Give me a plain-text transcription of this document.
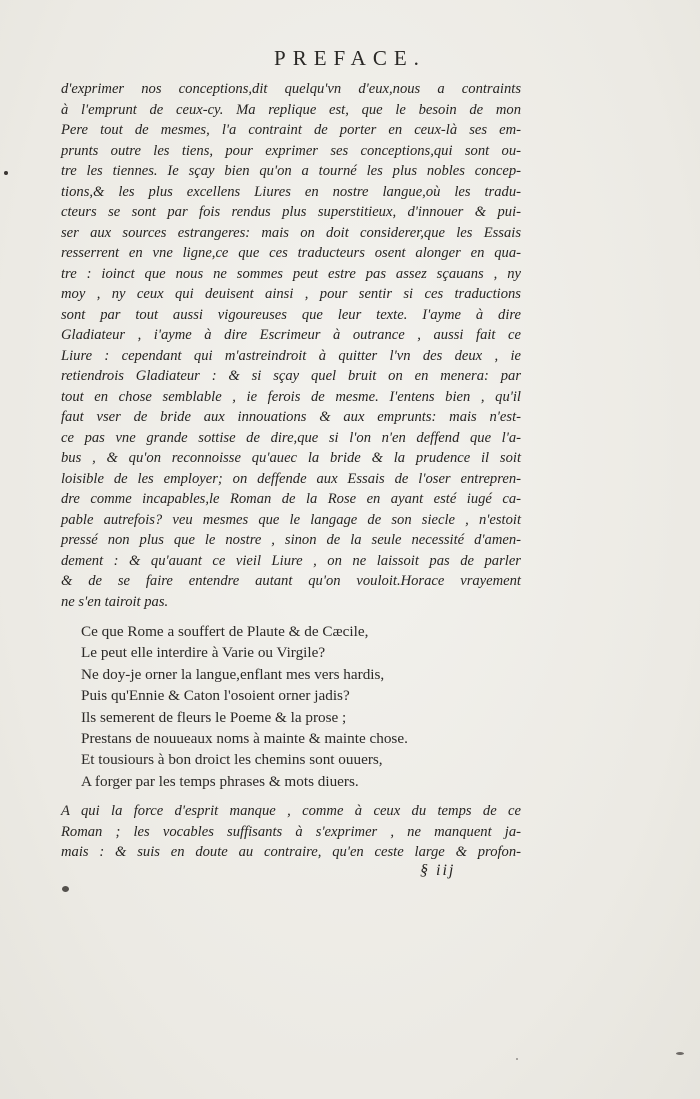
PREFACE.
d'exprimer nos conceptions,dit quelqu'vn d'eux,nous a contraints
à l'emprunt de ceux-cy. Ma replique est, que le besoin de mon
Pere tout de mesmes, l'a contraint de porter en ceux-là ses em-
prunts outre les tiens, pour exprimer ses conceptions,qui sont ou-
tre les tiennes. Ie sçay bien qu'on a tourné les plus nobles concep-
tions,& les plus excellens Liures en nostre langue,où les tradu-
cteurs se sont par fois rendus plus superstitieux, d'innouer & pui-
ser aux sources estrangeres: mais on doit considerer,que les Essais
resserrent en vne ligne,ce que ces traducteurs osent alonger en qua-
tre : ioinct que nous ne sommes peut estre pas assez sçauans , ny
moy , ny ceux qui deuisent ainsi , pour sentir si ces traductions
sont par tout aussi vigoureuses que leur texte. I'ayme à dire
Gladiateur , i'ayme à dire Escrimeur à outrance , aussi fait ce
Liure : cependant qui m'astreindroit à quitter l'vn des deux , ie
retiendrois Gladiateur : & si sçay quel bruit on en menera: par
tout en chose semblable , ie ferois de mesme. I'entens bien , qu'il
faut vser de bride aux innouations & aux emprunts: mais n'est-
ce pas vne grande sottise de dire,que si l'on n'en deffend que l'a-
bus , & qu'on reconnoisse qu'auec la bride & la prudence il soit
loisible de les employer; on deffende aux Essais de l'oser entrepren-
dre comme incapables,le Roman de la Rose en ayant esté iugé ca-
pable autrefois? veu mesmes que le langage de son siecle , n'estoit
pressé non plus que le nostre , sinon de la seule necessité d'amen-
dement : & qu'auant ce vieil Liure , on ne laissoit pas de parler
& de se faire entendre autant qu'on vouloit.Horace vrayement
ne s'en tairoit pas.
Ce que Rome a souffert de Plaute & de Cæcile,
Le peut elle interdire à Varie ou Virgile?
Ne doy-je orner la langue,enflant mes vers hardis,
Puis qu'Ennie & Caton l'osoient orner jadis?
Ils semerent de fleurs le Poeme & la prose ;
Prestans de nouueaux noms à mainte & mainte chose.
Et tousiours à bon droict les chemins sont ouuers,
A forger par les temps phrases & mots diuers.
A qui la force d'esprit manque , comme à ceux du temps de ce
Roman ; les vocables suffisants à s'exprimer , ne manquent ja-
mais : & suis en doute au contraire, qu'en ceste large & profon-
§ iij
